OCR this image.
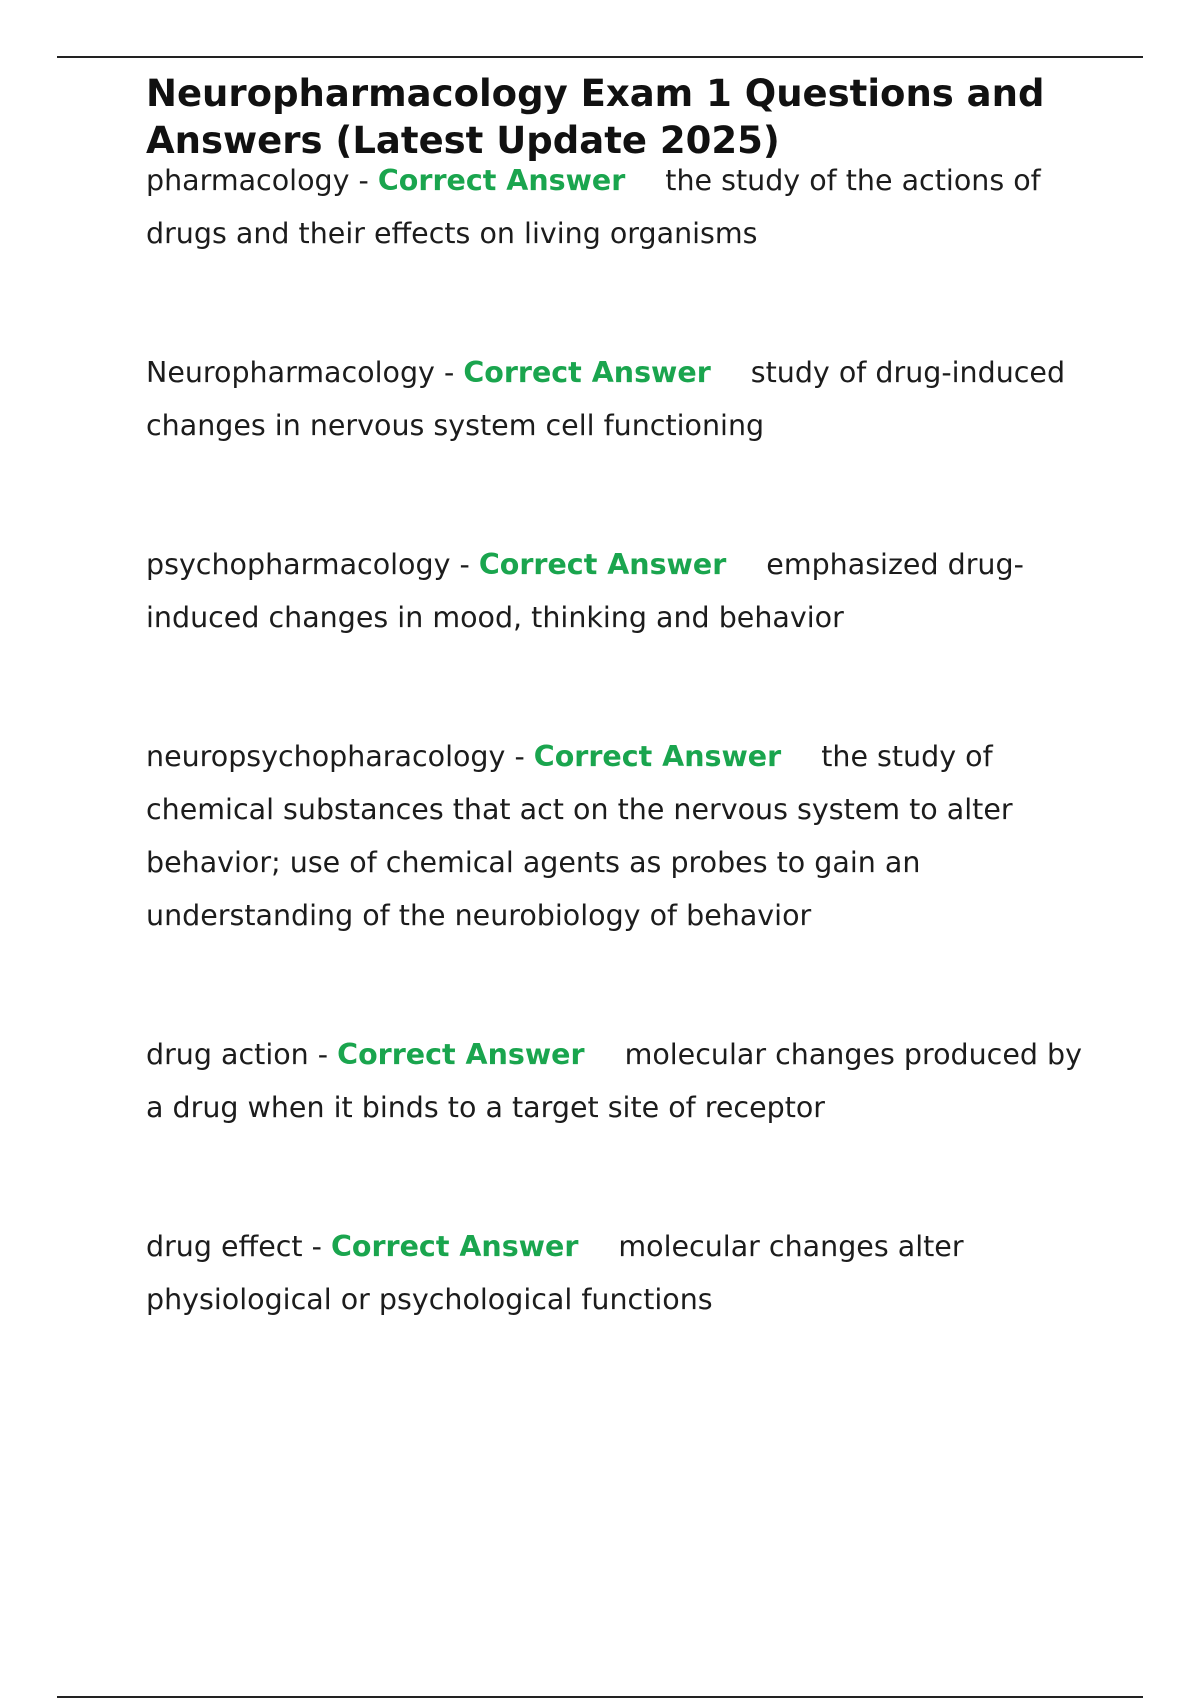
Neuropharmacology Exam 1 Questions and Answers (Latest Update 2025)

pharmacology - Correct Answer the study of the actions of drugs and their effects on living organisms

Neuropharmacology - Correct Answer study of drug-induced changes in nervous system cell functioning

psychopharmacology - Correct Answer emphasized drug-induced changes in mood, thinking and behavior

neuropsychopharacology - Correct Answer the study of chemical substances that act on the nervous system to alter behavior; use of chemical agents as probes to gain an understanding of the neurobiology of behavior

drug action - Correct Answer molecular changes produced by a drug when it binds to a target site of receptor

drug effect - Correct Answer molecular changes alter physiological or psychological functions
